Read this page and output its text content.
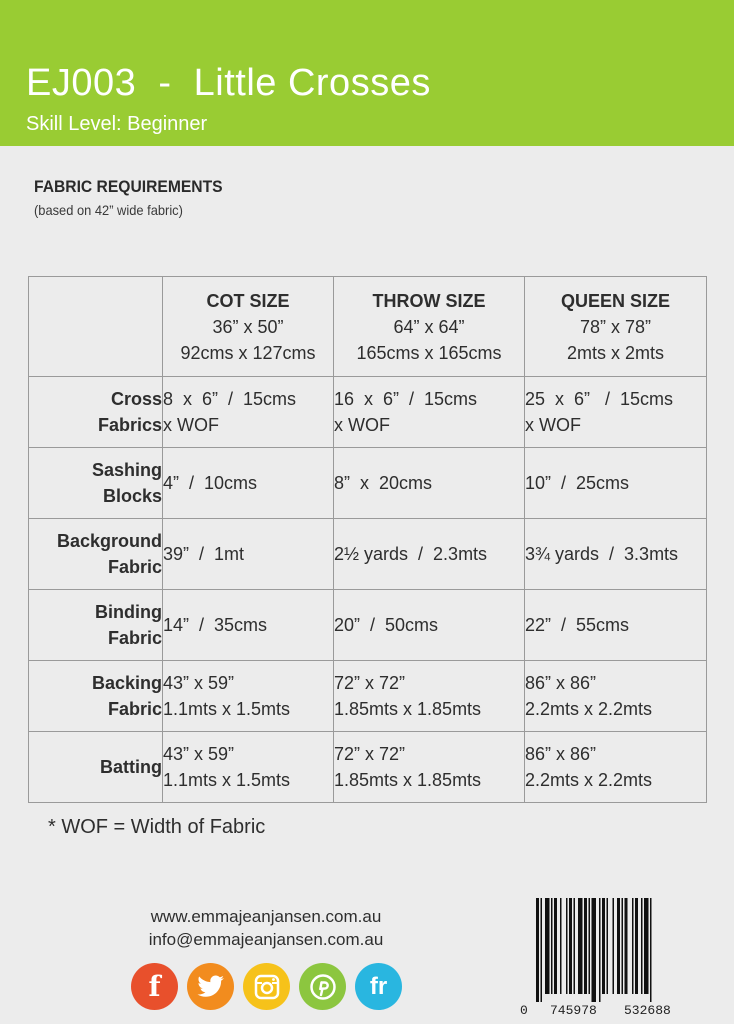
EJ003  -  Little Crosses
Skill Level: Beginner
FABRIC REQUIREMENTS
(based on 42” wide fabric)

	COT SIZE
36” x 50”
92cms x 127cms	THROW SIZE
64” x 64”
165cms x 165cms	QUEEN SIZE
78” x 78”
2mts x 2mts

Cross
Fabrics	8  x  6”  /  15cms
x WOF	16  x  6”  /  15cms
x WOF	25  x  6”   /  15cms
x WOF

Sashing
Blocks	4”  /  10cms	8”  x  20cms	10”  /  25cms

Background
Fabric	39”  /  1mt	2½ yards  /  2.3mts	3¾ yards  /  3.3mts

Binding
Fabric	14”  /  35cms	20”  /  50cms	22”  /  55cms

Backing
Fabric	43” x 59”
1.1mts x 1.5mts	72” x 72”
1.85mts x 1.85mts	86” x 86”
2.2mts x 2.2mts

Batting	43” x 59”
1.1mts x 1.5mts	72” x 72”
1.85mts x 1.85mts	86” x 86”
2.2mts x 2.2mts
* WOF = Width of Fabric
www.emmajeanjansen.com.au
info@emmajeanjansen.com.au
f	fr
0 745978 532688
